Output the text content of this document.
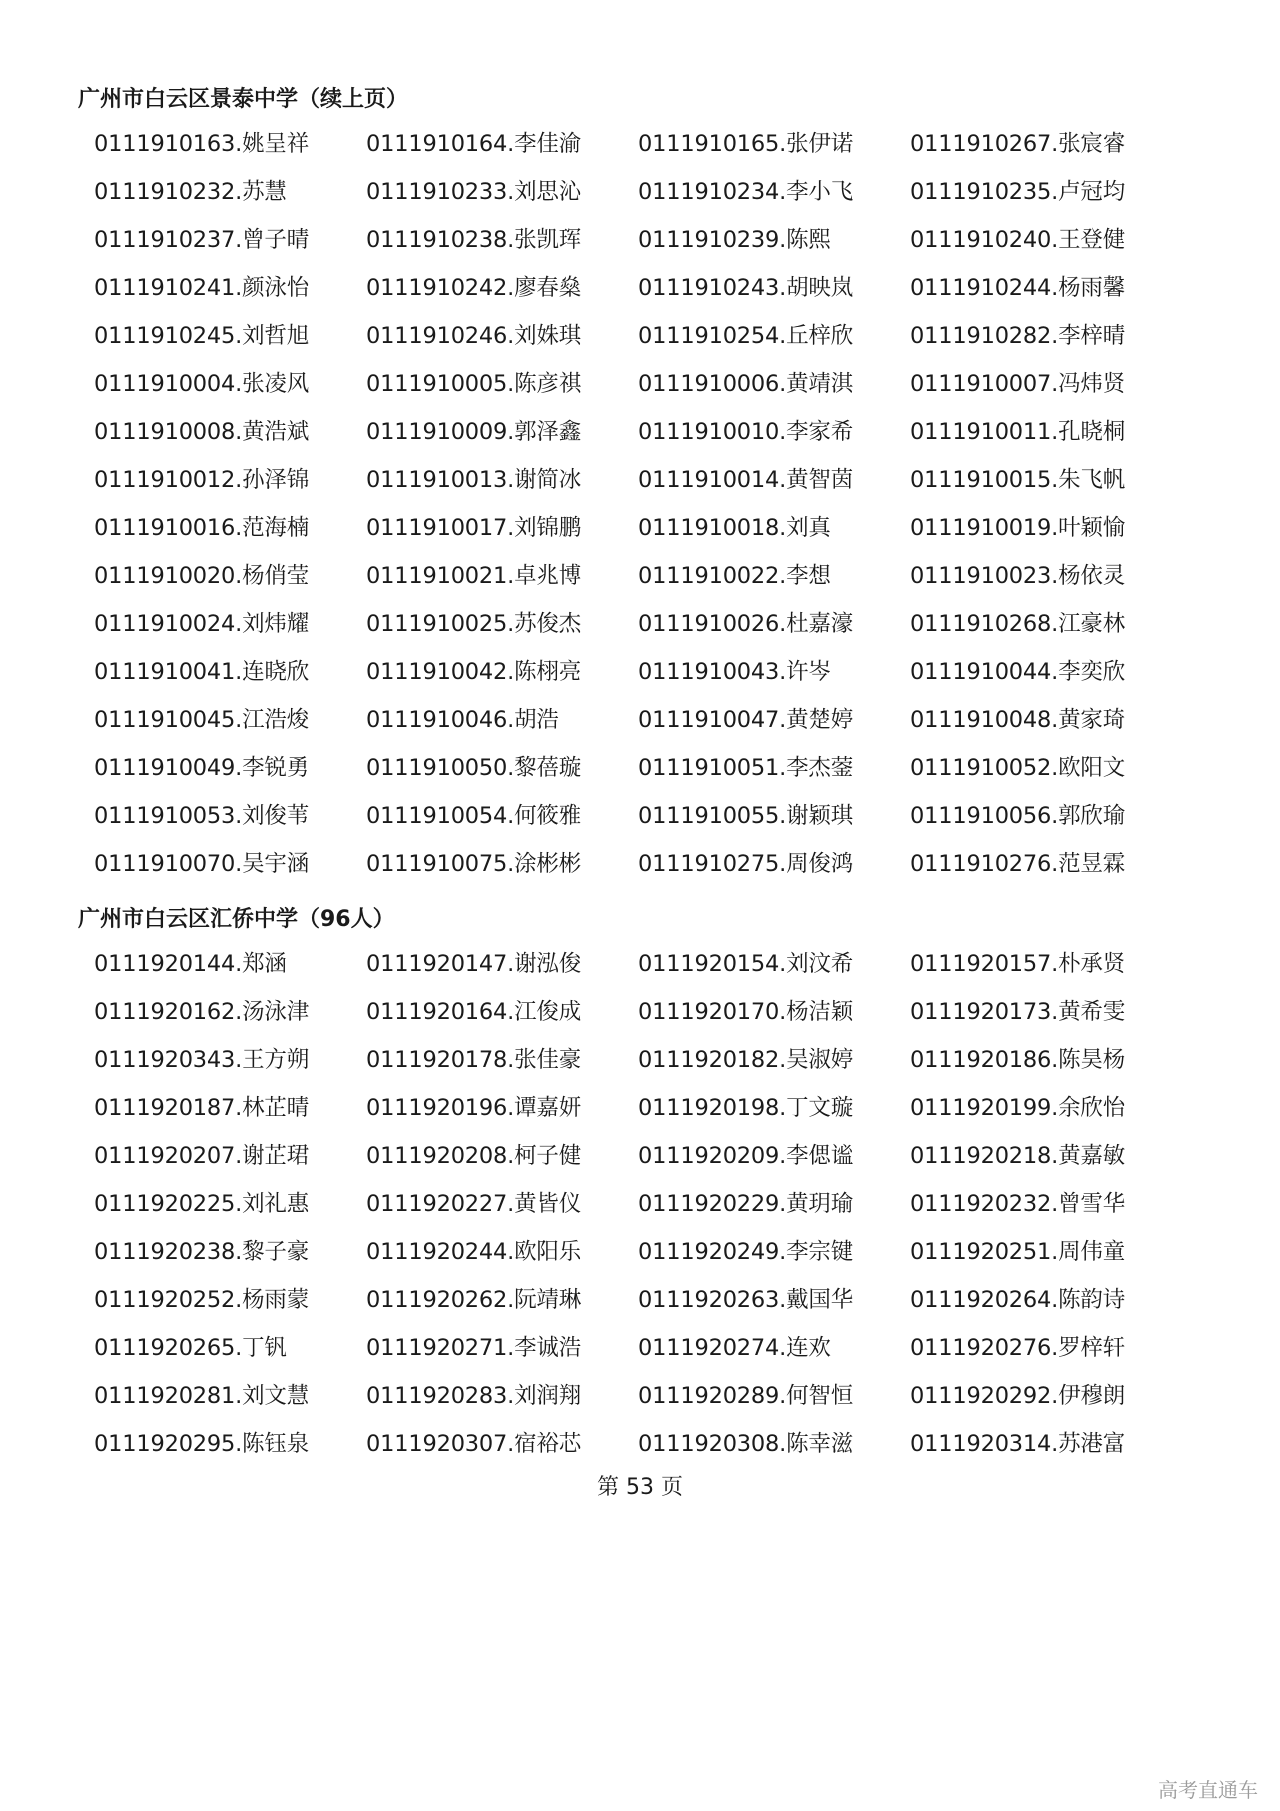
广州市白云区景泰中学（续上页）
0111910163.姚呈祥	0111910164.李佳渝	0111910165.张伊诺	0111910267.张宸睿
0111910232.苏慧	0111910233.刘思沁	0111910234.李小飞	0111910235.卢冠均
0111910237.曾子晴	0111910238.张凯珲	0111910239.陈熙	0111910240.王登健
0111910241.颜泳怡	0111910242.廖春燊	0111910243.胡映岚	0111910244.杨雨馨
0111910245.刘哲旭	0111910246.刘姝琪	0111910254.丘梓欣	0111910282.李梓晴
0111910004.张凌风	0111910005.陈彦祺	0111910006.黄靖淇	0111910007.冯炜贤
0111910008.黄浩斌	0111910009.郭泽鑫	0111910010.李家希	0111910011.孔晓桐
0111910012.孙泽锦	0111910013.谢简冰	0111910014.黄智茵	0111910015.朱飞帆
0111910016.范海楠	0111910017.刘锦鹏	0111910018.刘真	0111910019.叶颖愉
0111910020.杨俏莹	0111910021.卓兆博	0111910022.李想	0111910023.杨依灵
0111910024.刘炜耀	0111910025.苏俊杰	0111910026.杜嘉濠	0111910268.江豪林
0111910041.连晓欣	0111910042.陈栩亮	0111910043.许岑	0111910044.李奕欣
0111910045.江浩焌	0111910046.胡浩	0111910047.黄楚婷	0111910048.黄家琦
0111910049.李锐勇	0111910050.黎蓓璇	0111910051.李杰蓥	0111910052.欧阳文
0111910053.刘俊苇	0111910054.何筱雅	0111910055.谢颖琪	0111910056.郭欣瑜
0111910070.吴宇涵	0111910075.涂彬彬	0111910275.周俊鸿	0111910276.范昱霖
广州市白云区汇侨中学（96人）
0111920144.郑涵	0111920147.谢泓俊	0111920154.刘汶希	0111920157.朴承贤
0111920162.汤泳津	0111920164.江俊成	0111920170.杨洁颖	0111920173.黄希雯
0111920343.王方朔	0111920178.张佳豪	0111920182.吴淑婷	0111920186.陈昊杨
0111920187.林芷晴	0111920196.谭嘉妍	0111920198.丁文璇	0111920199.余欣怡
0111920207.谢芷珺	0111920208.柯子健	0111920209.李偲谧	0111920218.黄嘉敏
0111920225.刘礼惠	0111920227.黄皆仪	0111920229.黄玥瑜	0111920232.曾雪华
0111920238.黎子豪	0111920244.欧阳乐	0111920249.李宗键	0111920251.周伟童
0111920252.杨雨蒙	0111920262.阮靖琳	0111920263.戴国华	0111920264.陈韵诗
0111920265.丁钒	0111920271.李诚浩	0111920274.连欢	0111920276.罗梓轩
0111920281.刘文慧	0111920283.刘润翔	0111920289.何智恒	0111920292.伊穆朗
0111920295.陈钰泉	0111920307.宿裕芯	0111920308.陈幸滋	0111920314.苏港富
第 53 页
高考直通车
